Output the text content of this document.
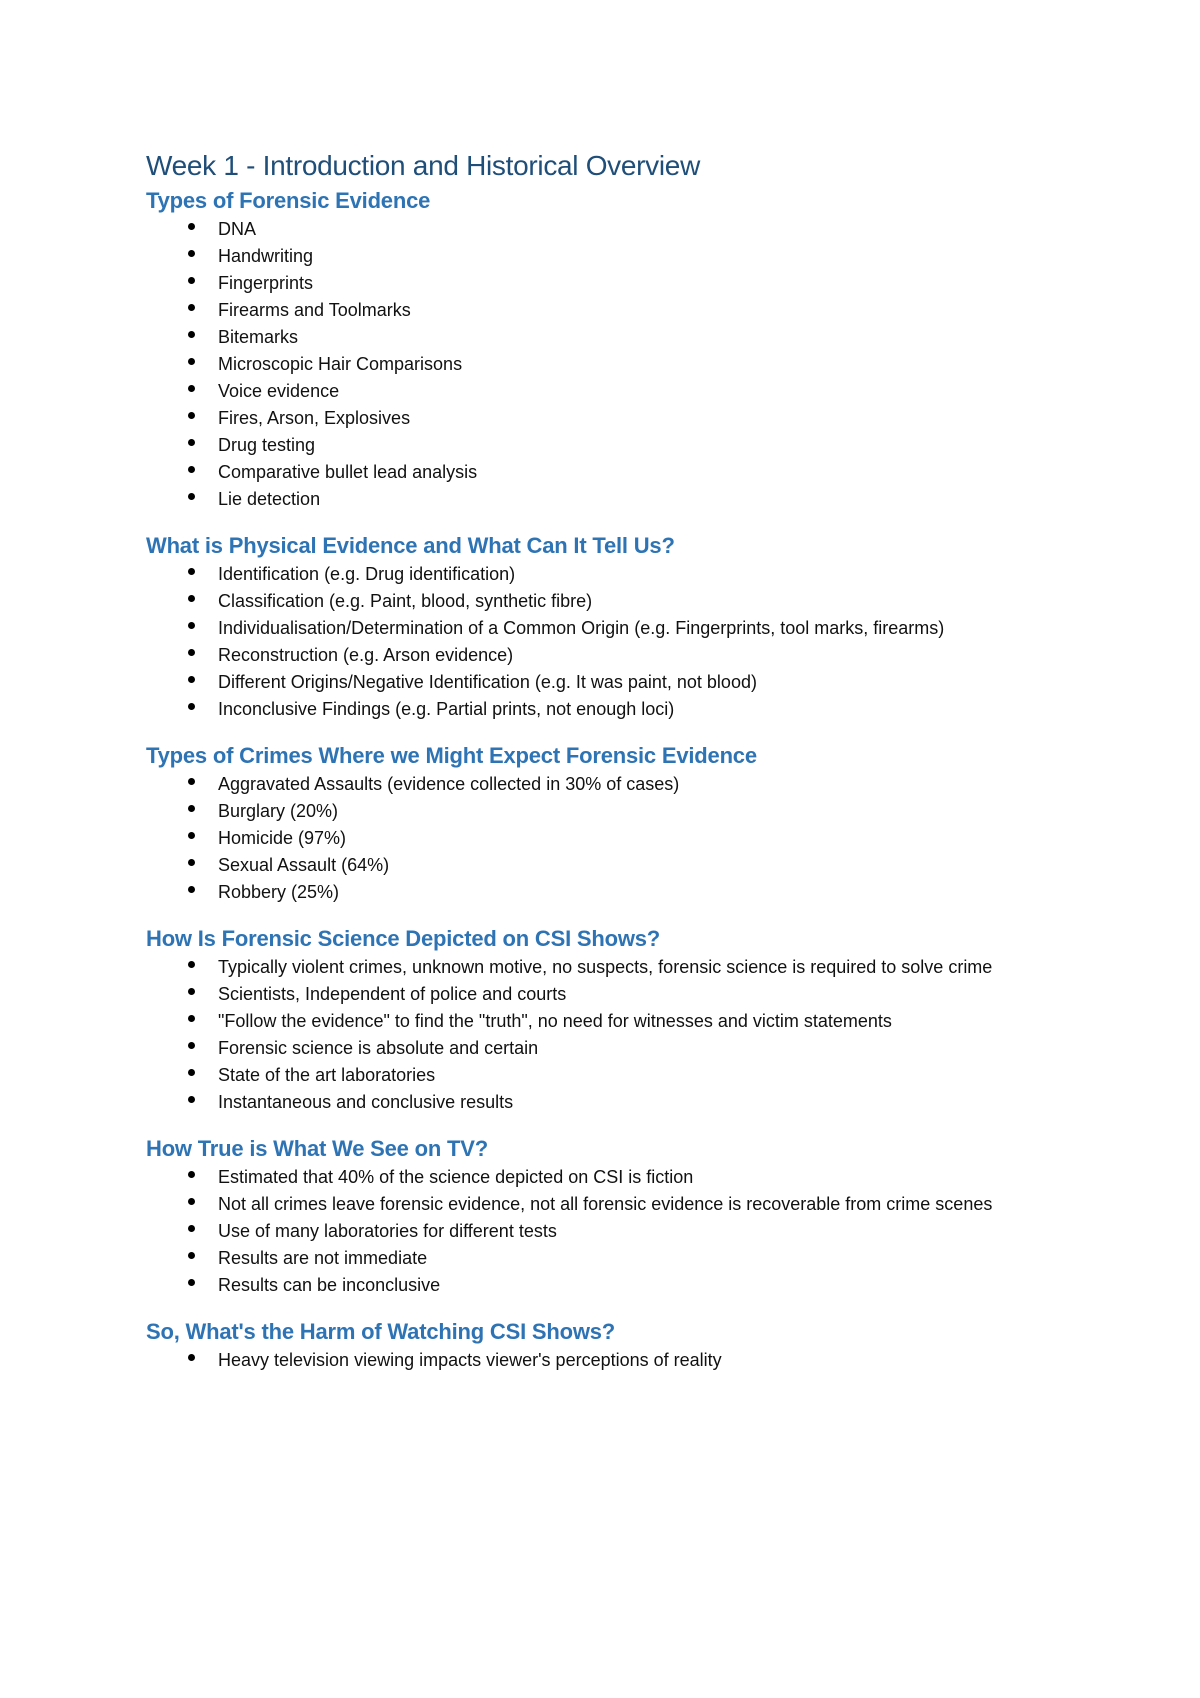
Week 1 - Introduction and Historical Overview
Types of Forensic Evidence
DNA
Handwriting
Fingerprints
Firearms and Toolmarks
Bitemarks
Microscopic Hair Comparisons
Voice evidence
Fires, Arson, Explosives
Drug testing
Comparative bullet lead analysis
Lie detection
What is Physical Evidence and What Can It Tell Us?
Identification (e.g. Drug identification)
Classification (e.g. Paint, blood, synthetic fibre)
Individualisation/Determination of a Common Origin (e.g. Fingerprints, tool marks, firearms)
Reconstruction (e.g. Arson evidence)
Different Origins/Negative Identification (e.g. It was paint, not blood)
Inconclusive Findings (e.g. Partial prints, not enough loci)
Types of Crimes Where we Might Expect Forensic Evidence
Aggravated Assaults (evidence collected in 30% of cases)
Burglary (20%)
Homicide (97%)
Sexual Assault (64%)
Robbery (25%)
How Is Forensic Science Depicted on CSI Shows?
Typically violent crimes, unknown motive, no suspects, forensic science is required to solve crime
Scientists, Independent of police and courts
"Follow the evidence" to find the "truth", no need for witnesses and victim statements
Forensic science is absolute and certain
State of the art laboratories
Instantaneous and conclusive results
How True is What We See on TV?
Estimated that 40% of the science depicted on CSI is fiction
Not all crimes leave forensic evidence, not all forensic evidence is recoverable from crime scenes
Use of many laboratories for different tests
Results are not immediate
Results can be inconclusive
So, What's the Harm of Watching CSI Shows?
Heavy television viewing impacts viewer's perceptions of reality
